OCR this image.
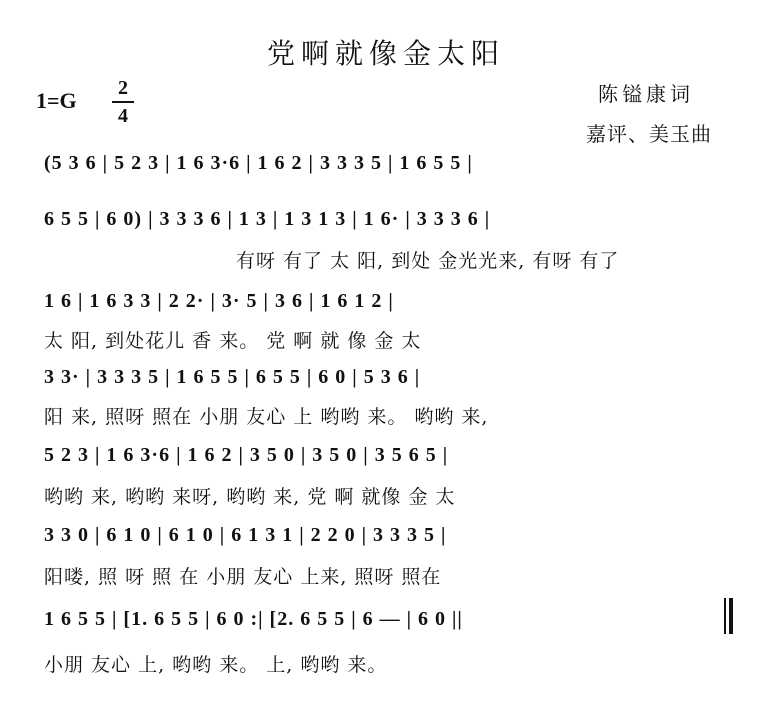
党啊就像金太阳
1=G	2
4
陈镒康词
嘉评、美玉曲
(5 3 6 | 5 2 3 | 1 6 3·6 | 1 6 2 | 3 3 3 5 | 1 6 5 5 |
6 5 5 | 6 0) | 3 3 3 6 | 1 3 | 1 3 1 3 | 1 6· | 3 3 3 6 |
有呀 有了 太 阳, 到处 金光光来, 有呀 有了
1 6 | 1 6 3 3 | 2 2· | 3· 5 | 3 6 | 1 6 1 2 |
太 阳, 到处花儿 香 来。 党 啊 就 像 金 太
3 3· | 3 3 3 5 | 1 6 5 5 | 6 5 5 | 6 0 | 5 3 6 |
阳 来, 照呀 照在 小朋 友心 上 哟哟 来。 哟哟 来,
5 2 3 | 1 6 3·6 | 1 6 2 | 3 5 0 | 3 5 0 | 3 5 6 5 |
哟哟 来, 哟哟 来呀, 哟哟 来, 党 啊 就像 金 太
3 3 0 | 6 1 0 | 6 1 0 | 6 1 3 1 | 2 2 0 | 3 3 3 5 |
阳喽, 照 呀 照 在 小朋 友心 上来, 照呀 照在
1 6 5 5 | [1. 6 5 5 | 6 0 :| [2. 6 5 5 | 6 — | 6 0 ||
小朋 友心 上, 哟哟 来。 上, 哟哟 来。
